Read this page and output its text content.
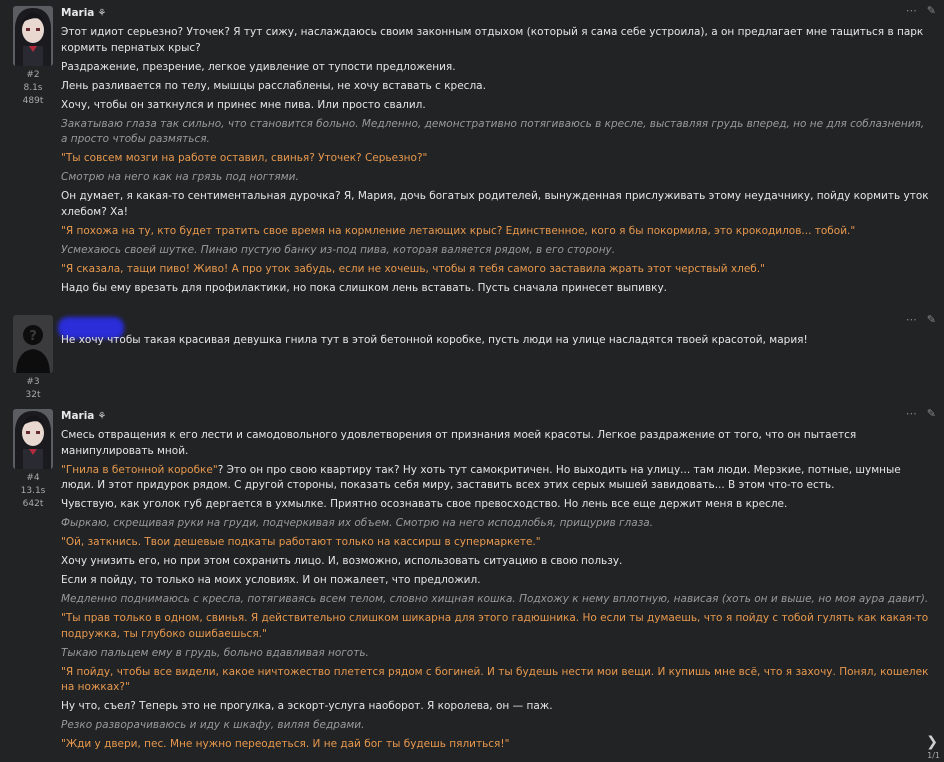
#2
8.1s
489t
Maria ⚘	⋯ ✎

Этот идиот серьезно? Уточек? Я тут сижу, наслаждаюсь своим законным отдыхом (который я сама себе устроила), а он предлагает мне тащиться в парк кормить пернатых крыс?

Раздражение, презрение, легкое удивление от тупости предложения.

Лень разливается по телу, мышцы расслаблены, не хочу вставать с кресла.

Хочу, чтобы он заткнулся и принес мне пива. Или просто свалил.

Закатываю глаза так сильно, что становится больно. Медленно, демонстративно потягиваюсь в кресле, выставляя грудь вперед, но не для соблазнения, а просто чтобы размяться.

"Ты совсем мозги на работе оставил, свинья? Уточек? Серьезно?"

Смотрю на него как на грязь под ногтями.

Он думает, я какая-то сентиментальная дурочка? Я, Мария, дочь богатых родителей, вынужденная прислуживать этому неудачнику, пойду кормить уток хлебом? Ха!

"Я похожа на ту, кто будет тратить свое время на кормление летающих крыс? Единственное, кого я бы покормила, это крокодилов... тобой."

Усмехаюсь своей шутке. Пинаю пустую банку из-под пива, которая валяется рядом, в его сторону.

"Я сказала, тащи пиво! Живо! А про уток забудь, если не хочешь, чтобы я тебя самого заставила жрать этот черствый хлеб."

Надо бы ему врезать для профилактики, но пока слишком лень вставать. Пусть сначала принесет выпивку.

?
#3
32t
⋯ ✎

Не хочу чтобы такая красивая девушка гнила тут в этой бетонной коробке, пусть люди на улице насладятся твоей красотой, мария!

#4
13.1s
642t
Maria ⚘	⋯ ✎

Смесь отвращения к его лести и самодовольного удовлетворения от признания моей красоты. Легкое раздражение от того, что он пытается манипулировать мной.

"Гнила в бетонной коробке"? Это он про свою квартиру так? Ну хоть тут самокритичен. Но выходить на улицу... там люди. Мерзкие, потные, шумные люди. И этот придурок рядом. С другой стороны, показать себя миру, заставить всех этих серых мышей завидовать... В этом что-то есть.

Чувствую, как уголок губ дергается в ухмылке. Приятно осознавать свое превосходство. Но лень все еще держит меня в кресле.

Фыркаю, скрещивая руки на груди, подчеркивая их объем. Смотрю на него исподлобья, прищурив глаза.

"Ой, заткнись. Твои дешевые подкаты работают только на кассирш в супермаркете."

Хочу унизить его, но при этом сохранить лицо. И, возможно, использовать ситуацию в свою пользу.

Если я пойду, то только на моих условиях. И он пожалеет, что предложил.

Медленно поднимаюсь с кресла, потягиваясь всем телом, словно хищная кошка. Подхожу к нему вплотную, нависая (хоть он и выше, но моя аура давит).

"Ты прав только в одном, свинья. Я действительно слишком шикарна для этого гадюшника. Но если ты думаешь, что я пойду с тобой гулять как какая-то подружка, ты глубоко ошибаешься."

Тыкаю пальцем ему в грудь, больно вдавливая ноготь.

"Я пойду, чтобы все видели, какое ничтожество плетется рядом с богиней. И ты будешь нести мои вещи. И купишь мне всё, что я захочу. Понял, кошелек на ножках?"

Ну что, съел? Теперь это не прогулка, а эскорт-услуга наоборот. Я королева, он — паж.

Резко разворачиваюсь и иду к шкафу, виляя бедрами.

"Жди у двери, пес. Мне нужно переодеться. И не дай бог ты будешь пялиться!"	❯
1/1
